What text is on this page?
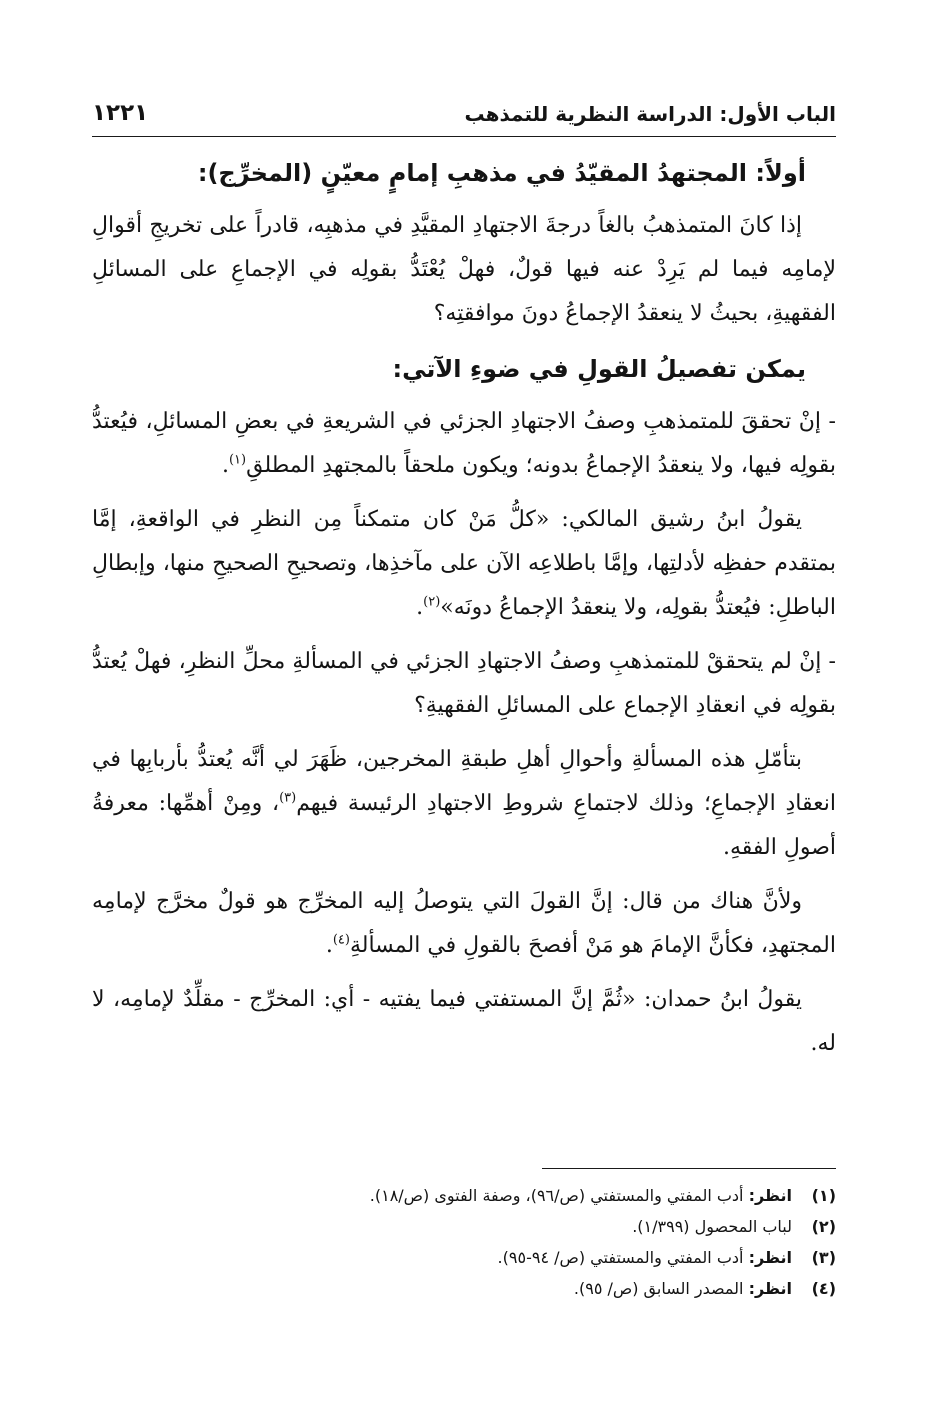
الباب الأول: الدراسة النظرية للتمذهب
١٢٢١
أولاً: المجتهدُ المقيّدُ في مذهبِ إمامٍ معيّنٍ (المخرِّج):

إذا كانَ المتمذهبُ بالغاً درجةَ الاجتهادِ المقيَّدِ في مذهبِه، قادراً على تخريجِ أقوالِ لإمامِه فيما لم يَرِدْ عنه فيها قولٌ، فهلْ يُعْتَدُّ بقولِه في الإجماعِ على المسائلِ الفقهيةِ، بحيثُ لا ينعقدُ الإجماعُ دونَ موافقتِه؟

يمكن تفصيلُ القولِ في ضوءِ الآتي:

- إنْ تحققَ للمتمذهبِ وصفُ الاجتهادِ الجزئي في الشريعةِ في بعضِ المسائلِ، فيُعتدُّ بقولِه فيها، ولا ينعقدُ الإجماعُ بدونه؛ ويكون ملحقاً بالمجتهدِ المطلقِ$^{(١)}$.

يقولُ ابنُ رشيق المالكي: «كلُّ مَنْ كان متمكناً مِن النظرِ في الواقعةِ، إمَّا بمتقدم حفظِه لأدلتِها، وإمَّا باطلاعِه الآن على مآخذِها، وتصحيحِ الصحيحِ منها، وإبطالِ الباطلِ: فيُعتدُّ بقولِه، ولا ينعقدُ الإجماعُ دونَه»$^{(٢)}$.

- إنْ لم يتحققْ للمتمذهبِ وصفُ الاجتهادِ الجزئي في المسألةِ محلِّ النظرِ، فهلْ يُعتدُّ بقولِه في انعقادِ الإجماع على المسائلِ الفقهيةِ؟

بتأمّلِ هذه المسألةِ وأحوالِ أهلِ طبقةِ المخرجين، ظَهَرَ لي أنَّه يُعتدُّ بأربابِها في انعقادِ الإجماعِ؛ وذلك لاجتماعِ شروطِ الاجتهادِ الرئيسة فيهم$^{(٣)}$، ومِنْ أهمِّها: معرفةُ أصولِ الفقهِ.

ولأنَّ هناك من قال: إنَّ القولَ التي يتوصلُ إليه المخرِّج هو قولٌ مخرَّج لإمامِه المجتهدِ، فكأنَّ الإمامَ هو مَنْ أفصحَ بالقولِ في المسألةِ$^{(٤)}$.

يقولُ ابنُ حمدان: «ثُمَّ إنَّ المستفتي فيما يفتيه - أي: المخرِّج - مقلِّدٌ لإمامِه، لا له.

(١)انظر: أدب المفتي والمستفتي (ص/٩٦)، وصفة الفتوى (ص/١٨).
(٢)لباب المحصول (١/٣٩٩).
(٣)انظر: أدب المفتي والمستفتي (ص/ ٩٤-٩٥).
(٤)انظر: المصدر السابق (ص/ ٩٥).
